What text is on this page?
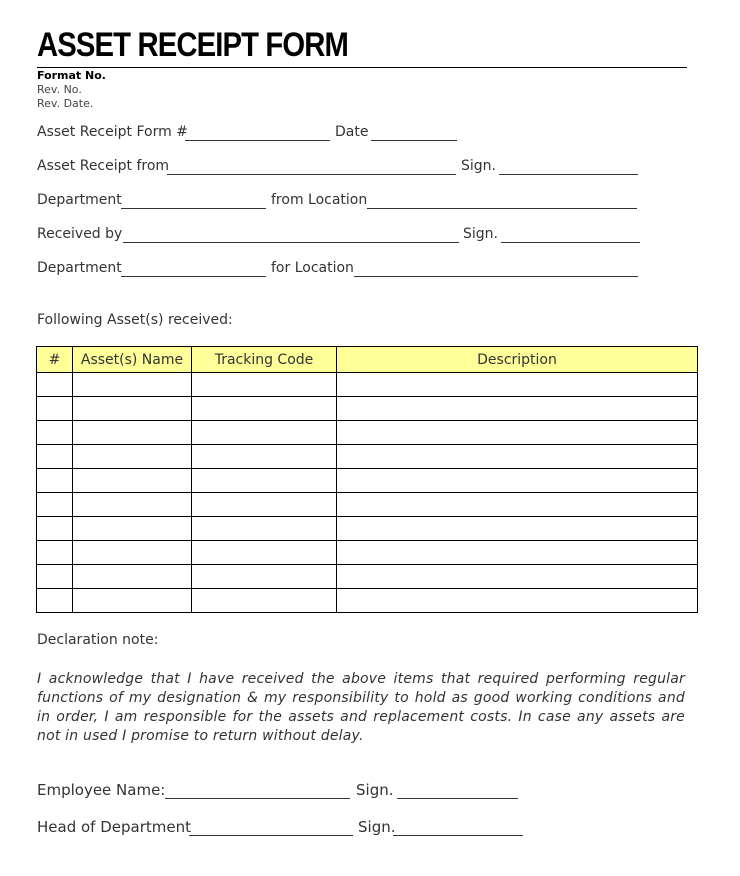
ASSET RECEIPT FORM
Format No.
Rev. No.
Rev. Date.
Asset Receipt Form #	Date
Asset Receipt from	Sign.
Department	from Location
Received by	Sign.
Department	for Location
Following Asset(s) received:
#	Asset(s) Name	Tracking Code	Description

Declaration note:
I acknowledge that I have received the above items that required performing regular functions of my designation & my responsibility to hold as good working conditions and in order, I am responsible for the assets and replacement costs. In case any assets are not in used I promise to return without delay.
Employee Name:	Sign.
Head of Department	Sign.
